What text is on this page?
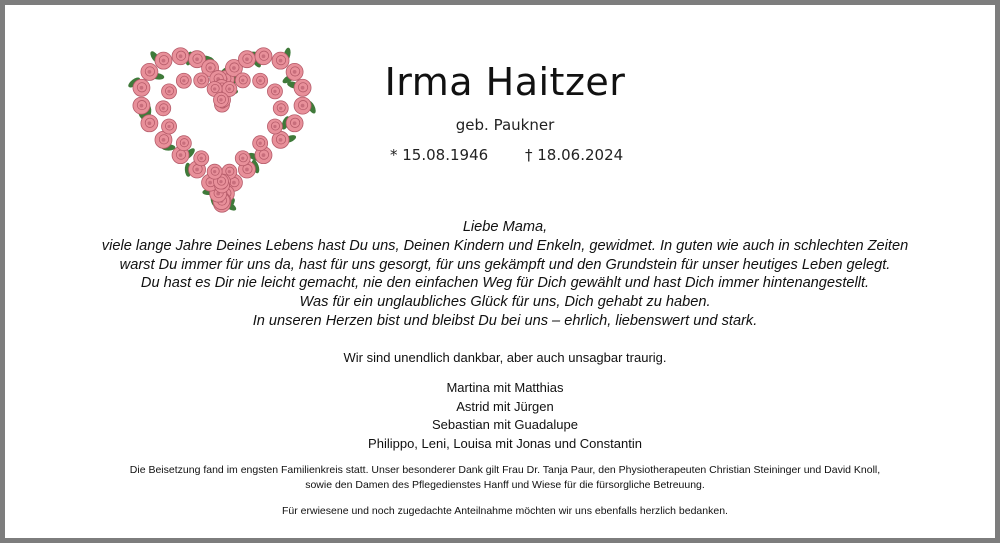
Irma Haitzer
geb. Paukner
* 15.08.1946 † 18.06.2024
Liebe Mama,
viele lange Jahre Deines Lebens hast Du uns, Deinen Kindern und Enkeln, gewidmet. In guten wie auch in schlechten Zeiten
warst Du immer für uns da, hast für uns gesorgt, für uns gekämpft und den Grundstein für unser heutiges Leben gelegt.
Du hast es Dir nie leicht gemacht, nie den einfachen Weg für Dich gewählt und hast Dich immer hintenangestellt.
Was für ein unglaubliches Glück für uns, Dich gehabt zu haben.
In unseren Herzen bist und bleibst Du bei uns – ehrlich, liebenswert und stark.
Wir sind unendlich dankbar, aber auch unsagbar traurig.
Martina mit Matthias
Astrid mit Jürgen
Sebastian mit Guadalupe
Philippo, Leni, Louisa mit Jonas und Constantin
Die Beisetzung fand im engsten Familienkreis statt. Unser besonderer Dank gilt Frau Dr. Tanja Paur, den Physiotherapeuten Christian Steininger und David Knoll,
sowie den Damen des Pflegedienstes Hanff und Wiese für die fürsorgliche Betreuung.
Für erwiesene und noch zugedachte Anteilnahme möchten wir uns ebenfalls herzlich bedanken.
